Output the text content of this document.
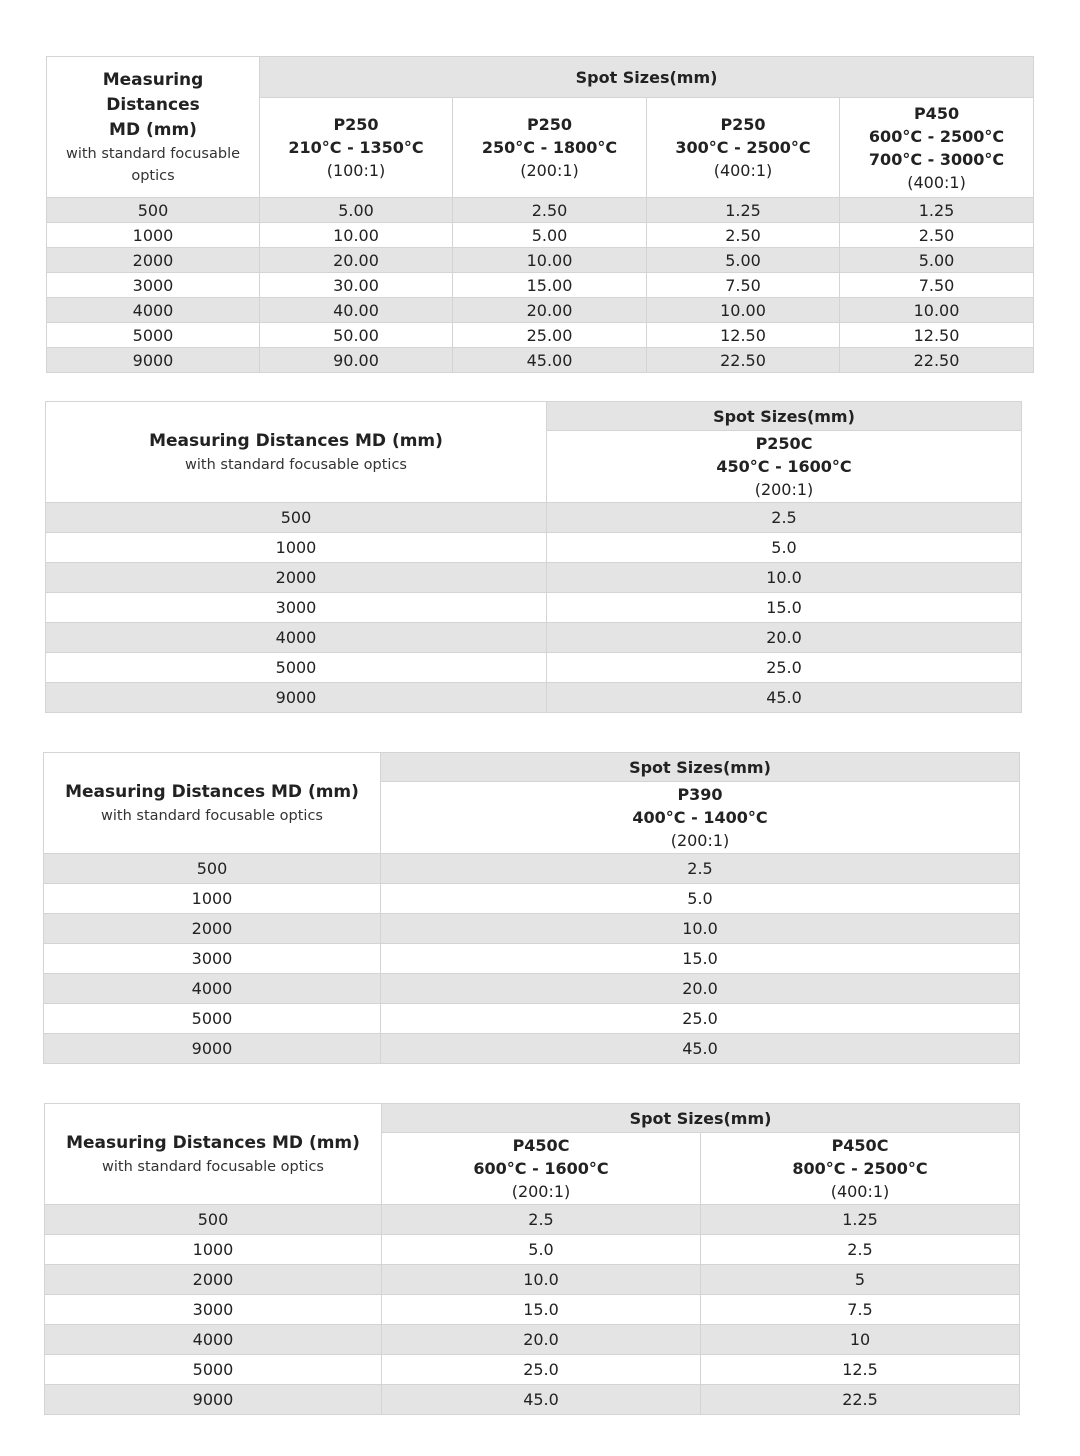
Measuring Distances
MD (mm)
with standard focusable
optics	Spot Sizes(mm)			

	P250
210°C - 1350°C
(100:1)	P250
250°C - 1800°C
(200:1)	P250
300°C - 2500°C
(400:1)	P450
600°C - 2500°C
700°C - 3000°C
(400:1)

500	5.00	2.50	1.25	1.25
1000	10.00	5.00	2.50	2.50
2000	20.00	10.00	5.00	5.00
3000	30.00	15.00	7.50	7.50
4000	40.00	20.00	10.00	10.00
5000	50.00	25.00	12.50	12.50
9000	90.00	45.00	22.50	22.50
Measuring Distances MD (mm)
with standard focusable optics	Spot Sizes(mm)

	P250C
450°C - 1600°C
(200:1)

500	2.5
1000	5.0
2000	10.0
3000	15.0
4000	20.0
5000	25.0
9000	45.0
Measuring Distances MD (mm)
with standard focusable optics	Spot Sizes(mm)

	P390
400°C - 1400°C
(200:1)

500	2.5
1000	5.0
2000	10.0
3000	15.0
4000	20.0
5000	25.0
9000	45.0
Measuring Distances MD (mm)
with standard focusable optics	Spot Sizes(mm)	

	P450C
600°C - 1600°C
(200:1)	P450C
800°C - 2500°C
(400:1)

500	2.5	1.25
1000	5.0	2.5
2000	10.0	5
3000	15.0	7.5
4000	20.0	10
5000	25.0	12.5
9000	45.0	22.5
